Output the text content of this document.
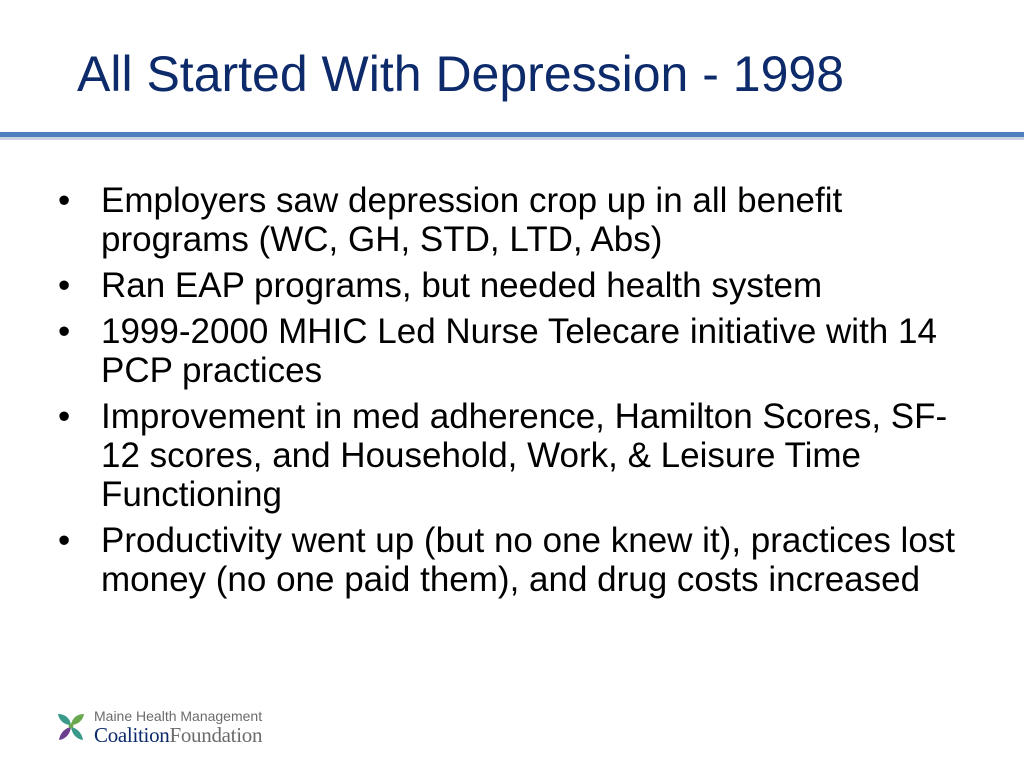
All Started With Depression - 1998
• Employers saw depression crop up in all benefit programs (WC, GH, STD, LTD, Abs)
• Ran EAP programs, but needed health system
• 1999-2000 MHIC Led Nurse Telecare initiative with 14 PCP practices
• Improvement in med adherence, Hamilton Scores, SF-12 scores, and Household, Work, & Leisure Time Functioning
• Productivity went up (but no one knew it), practices lost money (no one paid them), and drug costs increased
Maine Health Management
CoalitionFoundation
